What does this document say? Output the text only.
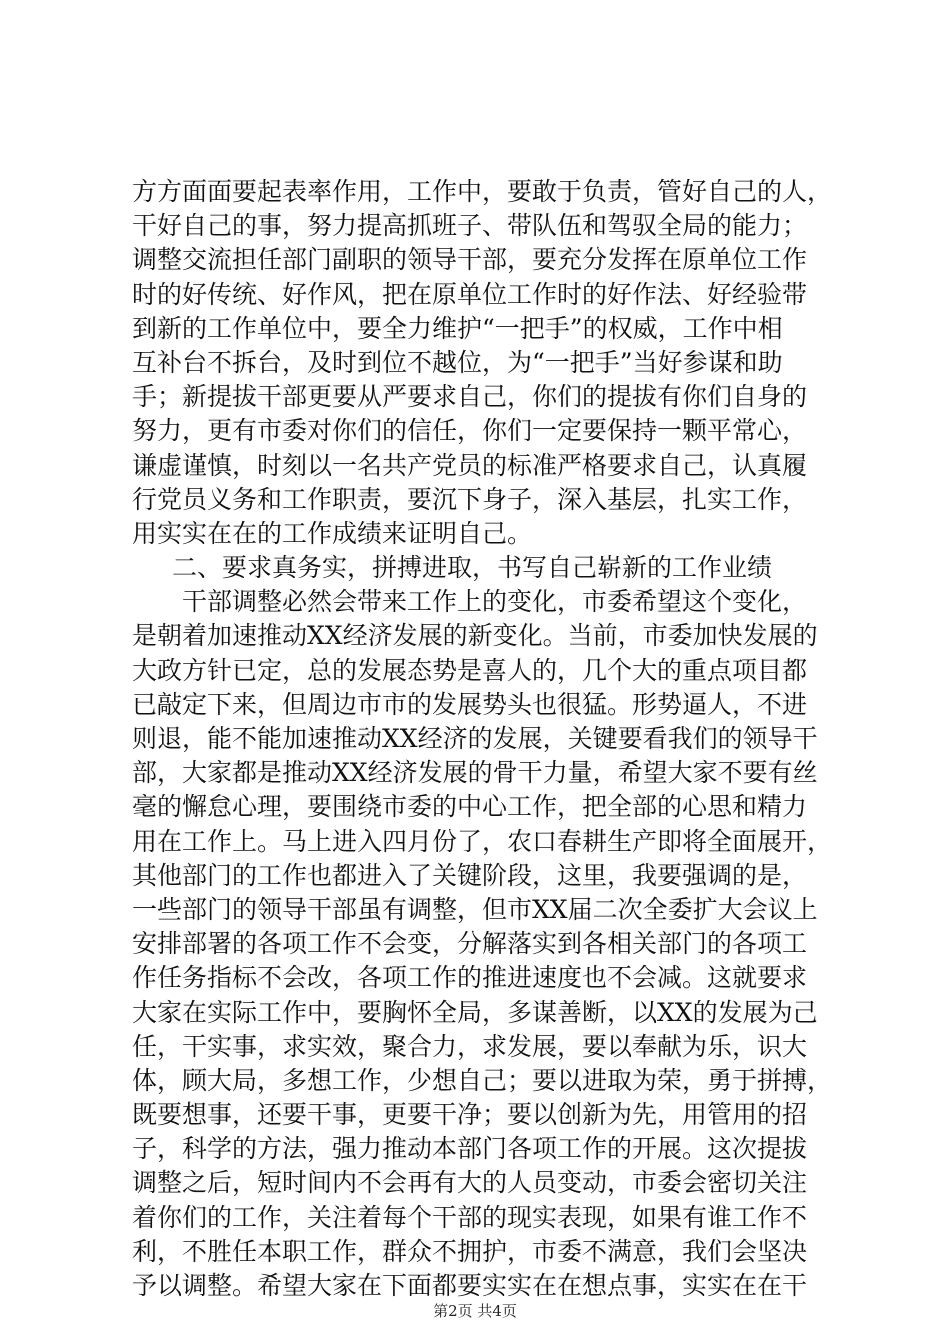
方方面面要起表率作用，工作中，要敢于负责，管好自己的人，
干好自己的事，努力提高抓班子、带队伍和驾驭全局的能力；
调整交流担任部门副职的领导干部，要充分发挥在原单位工作
时的好传统、好作风，把在原单位工作时的好作法、好经验带
到新的工作单位中，要全力维护“一把手”的权威，工作中相
互补台不拆台，及时到位不越位，为“一把手”当好参谋和助
手；新提拔干部更要从严要求自己，你们的提拔有你们自身的
努力，更有市委对你们的信任，你们一定要保持一颗平常心，
谦虚谨慎，时刻以一名共产党员的标准严格要求自己，认真履
行党员义务和工作职责，要沉下身子，深入基层，扎实工作，
用实实在在的工作成绩来证明自己。
二、要求真务实，拼搏进取，书写自己崭新的工作业绩
干部调整必然会带来工作上的变化，市委希望这个变化，
是朝着加速推动XX经济发展的新变化。当前，市委加快发展的
大政方针已定，总的发展态势是喜人的，几个大的重点项目都
已敲定下来，但周边市市的发展势头也很猛。形势逼人，不进
则退，能不能加速推动XX经济的发展，关键要看我们的领导干
部，大家都是推动XX经济发展的骨干力量，希望大家不要有丝
毫的懈怠心理，要围绕市委的中心工作，把全部的心思和精力
用在工作上。马上进入四月份了，农口春耕生产即将全面展开，
其他部门的工作也都进入了关键阶段，这里，我要强调的是，
一些部门的领导干部虽有调整，但市XX届二次全委扩大会议上
安排部署的各项工作不会变，分解落实到各相关部门的各项工
作任务指标不会改，各项工作的推进速度也不会减。这就要求
大家在实际工作中，要胸怀全局，多谋善断，以XX的发展为己
任，干实事，求实效，聚合力，求发展，要以奉献为乐，识大
体，顾大局，多想工作，少想自己；要以进取为荣，勇于拼搏，
既要想事，还要干事，更要干净；要以创新为先，用管用的招
子，科学的方法，强力推动本部门各项工作的开展。这次提拔
调整之后，短时间内不会再有大的人员变动，市委会密切关注
着你们的工作，关注着每个干部的现实表现，如果有谁工作不
利，不胜任本职工作，群众不拥护，市委不满意，我们会坚决
予以调整。希望大家在下面都要实实在在想点事，实实在在干
第2页 共4页
